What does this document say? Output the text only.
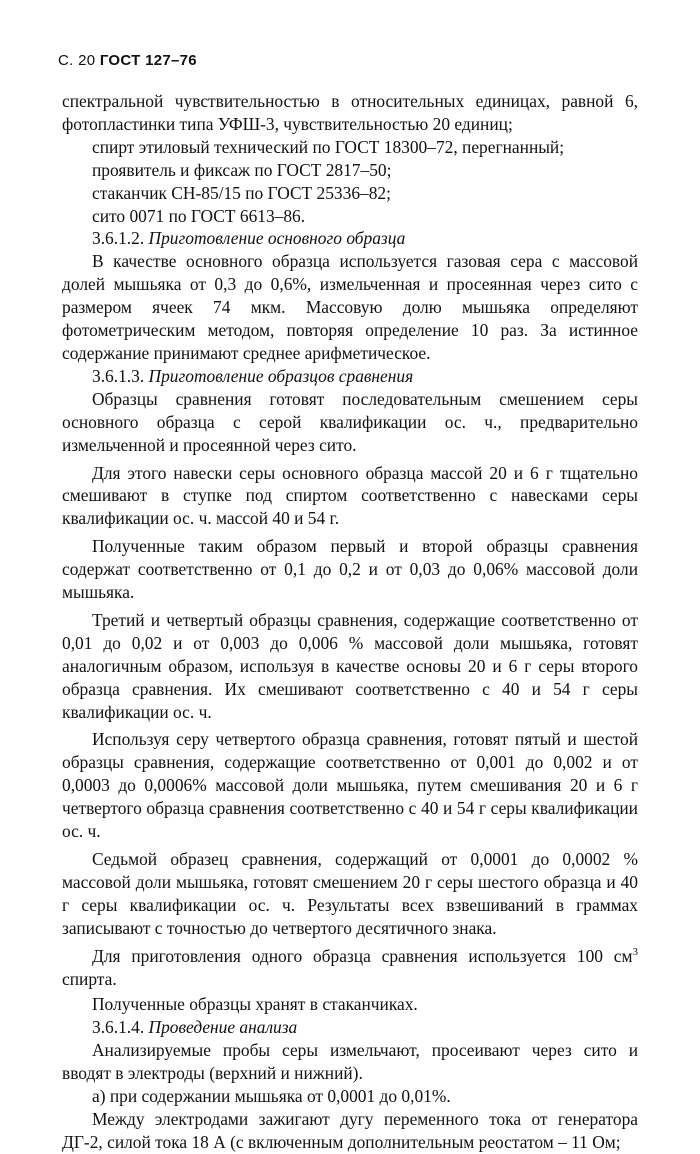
С. 20 ГОСТ 127–76

спектральной чувствительностью в относительных единицах, равной 6, фотопластинки типа УФШ-3, чувствительностью 20 единиц;

спирт этиловый технический по ГОСТ 18300–72, перегнанный;

проявитель и фиксаж по ГОСТ 2817–50;

стаканчик СН-85/15 по ГОСТ 25336–82;

сито 0071 по ГОСТ 6613–86.

3.6.1.2. Приготовление основного образца

В качестве основного образца используется газовая сера с массовой долей мышьяка от 0,3 до 0,6%, измельченная и просеянная через сито с размером ячеек 74 мкм. Массовую долю мышьяка определяют фотометрическим методом, повторяя определение 10 раз. За истинное содержание принимают среднее арифметическое.

3.6.1.3. Приготовление образцов сравнения

Образцы сравнения готовят последовательным смешением серы основного образца с серой квалификации ос. ч., предварительно измельченной и просеянной через сито.

Для этого навески серы основного образца массой 20 и 6 г тщательно смешивают в ступке под спиртом соответственно с навесками серы квалификации ос. ч. массой 40 и 54 г.

Полученные таким образом первый и второй образцы сравнения содержат соответственно от 0,1 до 0,2 и от 0,03 до 0,06% массовой доли мышьяка.

Третий и четвертый образцы сравнения, содержащие соответственно от 0,01 до 0,02 и от 0,003 до 0,006 % массовой доли мышьяка, готовят аналогичным образом, используя в качестве основы 20 и 6 г серы второго образца сравнения. Их смешивают соответственно с 40 и 54 г серы квалификации ос. ч.

Используя серу четвертого образца сравнения, готовят пятый и шестой образцы сравнения, содержащие соответственно от 0,001 до 0,002 и от 0,0003 до 0,0006% массовой доли мышьяка, путем смешивания 20 и 6 г четвертого образца сравнения соответственно с 40 и 54 г серы квалификации ос. ч.

Седьмой образец сравнения, содержащий от 0,0001 до 0,0002 % массовой доли мышьяка, готовят смешением 20 г серы шестого образца и 40 г серы квалификации ос. ч. Результаты всех взвешиваний в граммах записывают с точностью до четвертого десятичного знака.

Для приготовления одного образца сравнения используется 100 $см^3$ спирта.

Полученные образцы хранят в стаканчиках.

3.6.1.4. Проведение анализа

Анализируемые пробы серы измельчают, просеивают через сито и вводят в электроды (верхний и нижний).

а) при содержании мышьяка от 0,0001 до 0,01%.

Между электродами зажигают дугу переменного тока от генератора ДГ-2, силой тока 18 А (с включенным дополнительным реостатом – 11 Ом;
